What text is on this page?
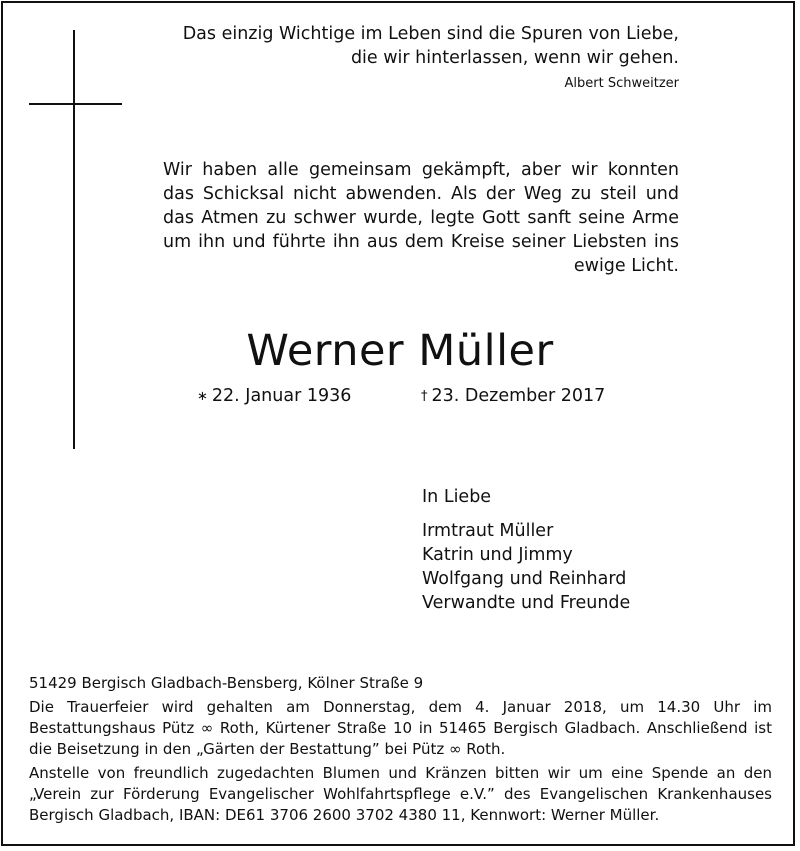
Das einzig Wichtige im Leben sind die Spuren von Liebe,
die wir hinterlassen, wenn wir gehen.
Albert Schweitzer
Wir haben alle gemeinsam gekämpft, aber wir konnten das Schicksal nicht abwenden. Als der Weg zu steil und das Atmen zu schwer wurde, legte Gott sanft seine Arme um ihn und führte ihn aus dem Kreise seiner Liebsten ins ewige Licht.
Werner Müller
∗ 22. Januar 1936	† 23. Dezember 2017
In Liebe
Irmtraut Müller
Katrin und Jimmy
Wolfgang und Reinhard
Verwandte und Freunde

51429 Bergisch Gladbach-Bensberg, Kölner Straße 9

Die Trauerfeier wird gehalten am Donnerstag, dem 4. Januar 2018, um 14.30 Uhr im Bestattungshaus Pütz ∞ Roth, Kürtener Straße 10 in 51465 Bergisch Gladbach. Anschließend ist die Beisetzung in den „Gärten der Bestattung” bei Pütz ∞ Roth.

Anstelle von freundlich zugedachten Blumen und Kränzen bitten wir um eine Spende an den „Verein zur Förderung Evangelischer Wohlfahrtspflege e.V.” des Evangelischen Krankenhauses Bergisch Gladbach, IBAN: DE61 3706 2600 3702 4380 11, Kennwort: Werner Müller.
